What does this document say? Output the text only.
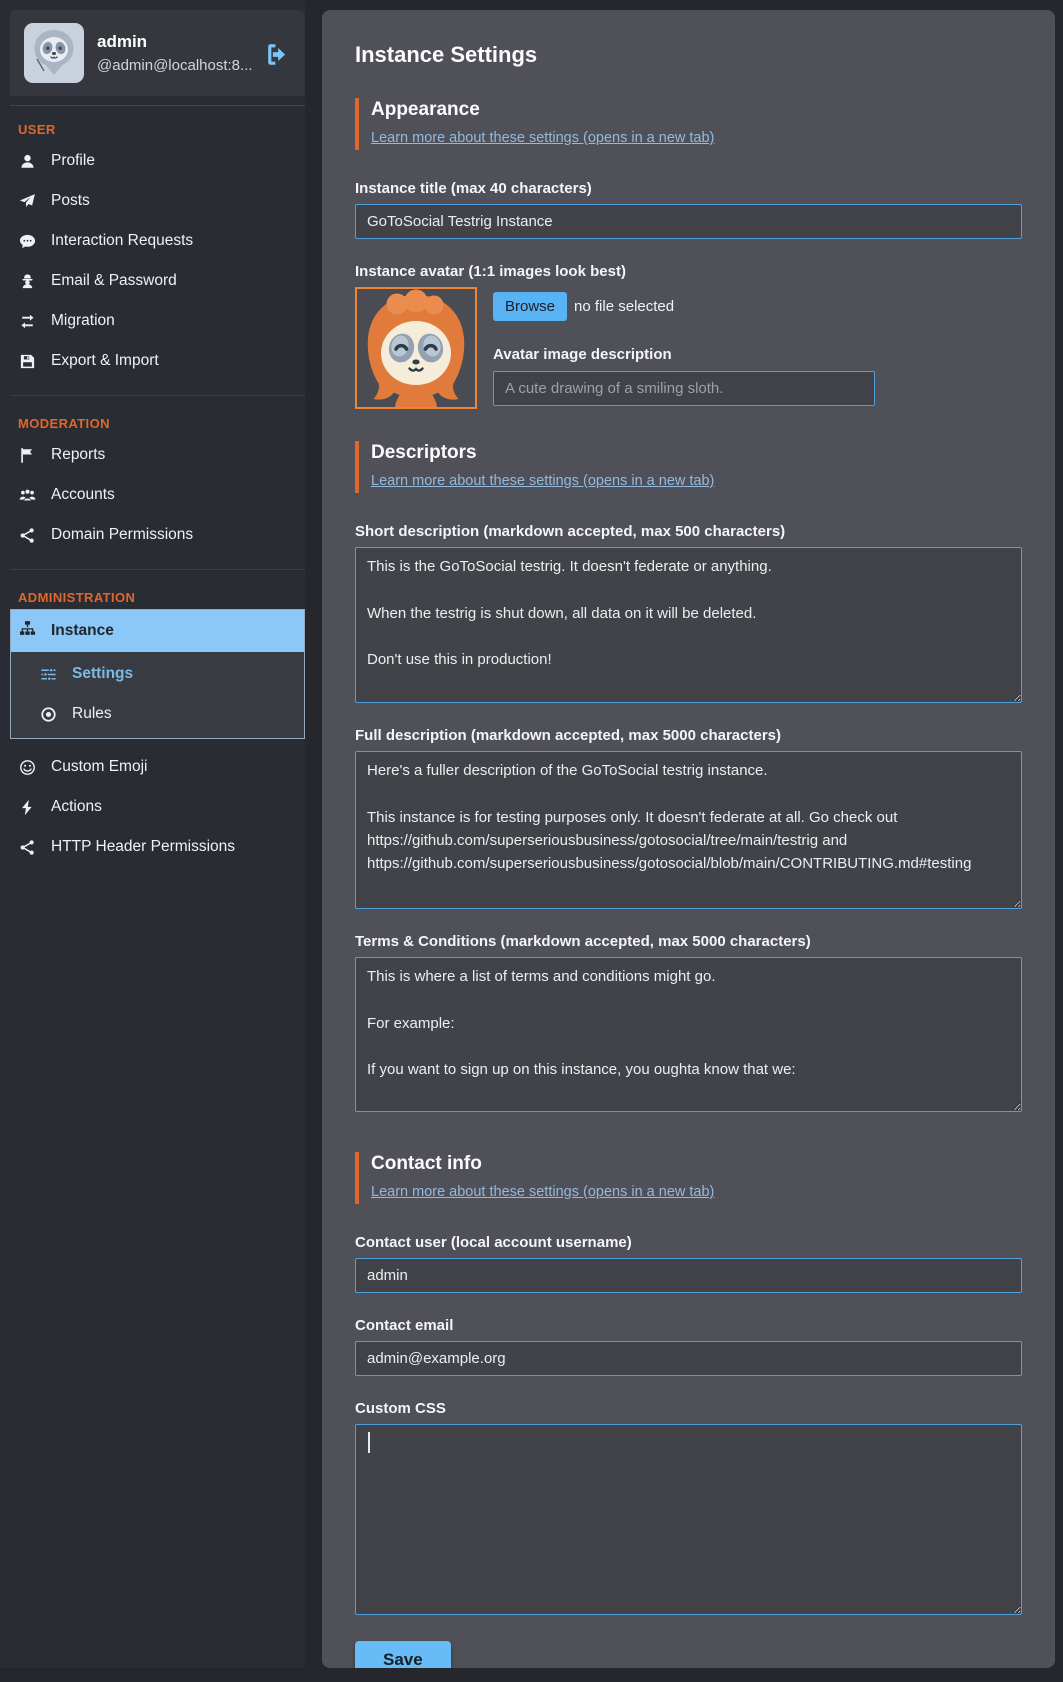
admin
@admin@localhost:8...
USER
Profile
Posts
Interaction Requests
Email & Password
Migration
Export & Import
MODERATION
Reports
Accounts
Domain Permissions
ADMINISTRATION
Instance
Settings
Rules
Custom Emoji
Actions
HTTP Header Permissions
Instance Settings
Appearance
Learn more about these settings (opens in a new tab)
Instance title (max 40 characters)
GoToSocial Testrig Instance
Instance avatar (1:1 images look best)
Browse	no file selected
Avatar image description
A cute drawing of a smiling sloth.
Descriptors
Learn more about these settings (opens in a new tab)
Short description (markdown accepted, max 500 characters)
This is the GoToSocial testrig. It doesn't federate or anything. When the testrig is shut down, all data on it will be deleted. Don't use this in production!
Full description (markdown accepted, max 5000 characters)
Here's a fuller description of the GoToSocial testrig instance. This instance is for testing purposes only. It doesn't federate at all. Go check out https://github.com/superseriousbusiness/gotosocial/tree/main/testrig and https://github.com/superseriousbusiness/gotosocial/blob/main/CONTRIBUTING.md#testing
Terms & Conditions (markdown accepted, max 5000 characters)
This is where a list of terms and conditions might go. For example: If you want to sign up on this instance, you oughta know that we:
Contact info
Learn more about these settings (opens in a new tab)
Contact user (local account username)
admin
Contact email
admin@example.org
Custom CSS
Save
